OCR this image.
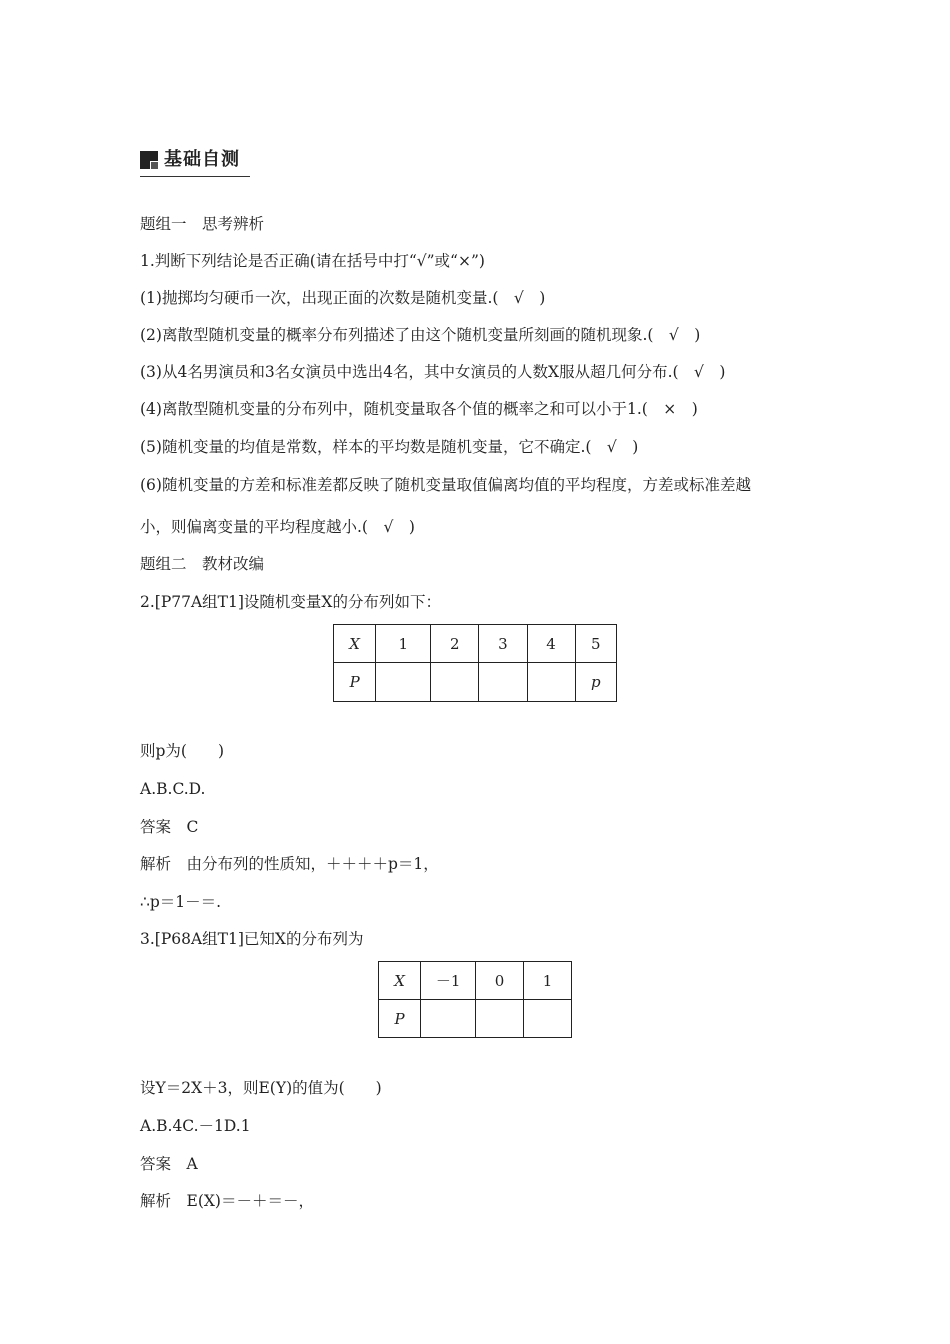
基础自测
题组一　思考辨析
1.判断下列结论是否正确(请在括号中打“√”或“×”)
(1)抛掷均匀硬币一次，出现正面的次数是随机变量.(　√　)
(2)离散型随机变量的概率分布列描述了由这个随机变量所刻画的随机现象.(　√　)
(3)从4名男演员和3名女演员中选出4名，其中女演员的人数X服从超几何分布.(　√　)
(4)离散型随机变量的分布列中，随机变量取各个值的概率之和可以小于1.(　×　)
(5)随机变量的均值是常数，样本的平均数是随机变量，它不确定.(　√　)
(6)随机变量的方差和标准差都反映了随机变量取值偏离均值的平均程度，方差或标准差越
小，则偏离变量的平均程度越小.(　√　)
题组二　教材改编
2.[P77A组T1]设随机变量X的分布列如下：
X	1	2	3	4	5
P					p
则p为(　　)
A.B.C.D.
答案　C
解析　由分布列的性质知，＋＋＋＋p＝1，
∴p＝1－＝.
3.[P68A组T1]已知X的分布列为
X	－1	0	1
P			
设Y＝2X＋3，则E(Y)的值为(　　)
A.B.4C.－1D.1
答案　A
解析　E(X)＝－＋＝－，
